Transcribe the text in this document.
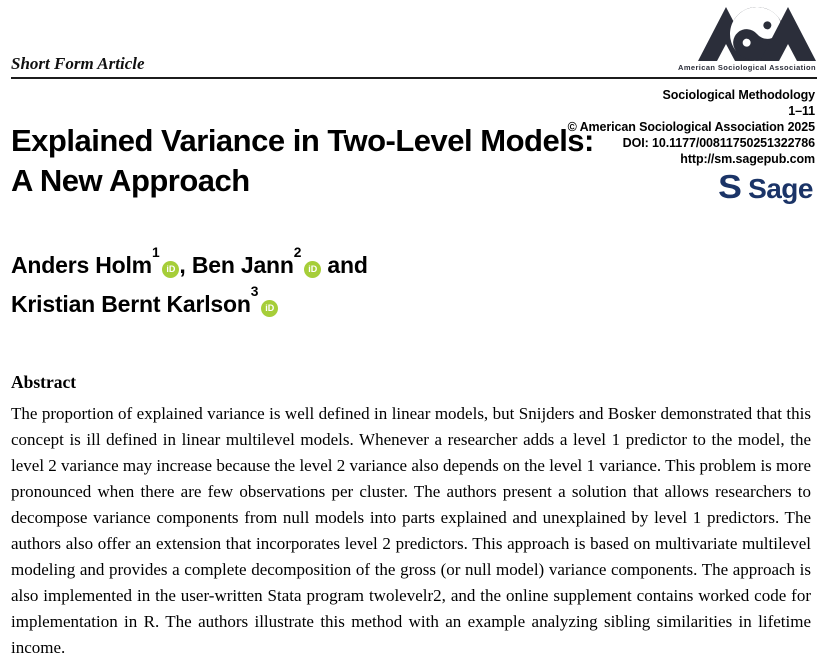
Short Form Article	American Sociological Association
Sociological Methodology
1–11
© American Sociological Association 2025
DOI: 10.1177/00811750251322786
http://sm.sagepub.com
S Sage
Explained Variance in Two-Level Models: A New Approach
Anders Holm$^1$iD , Ben Jann$^2$iD and Kristian Bernt Karlson$^3$iD
Abstract

The proportion of explained variance is well defined in linear models, but Snijders and Bosker demonstrated that this concept is ill defined in linear multilevel models. Whenever a researcher adds a level 1 predictor to the model, the level 2 variance may increase because the level 2 variance also depends on the level 1 variance. This problem is more pronounced when there are few observations per cluster. The authors present a solution that allows researchers to decompose variance components from null models into parts explained and unexplained by level 1 predictors. The authors also offer an extension that incorporates level 2 predictors. This approach is based on multivariate multilevel modeling and provides a complete decomposition of the gross (or null model) variance components. The approach is also implemented in the user-written Stata program twolevelr2, and the online supplement contains worked code for implementation in R. The authors illustrate this method with an example analyzing sibling similarities in lifetime income.
